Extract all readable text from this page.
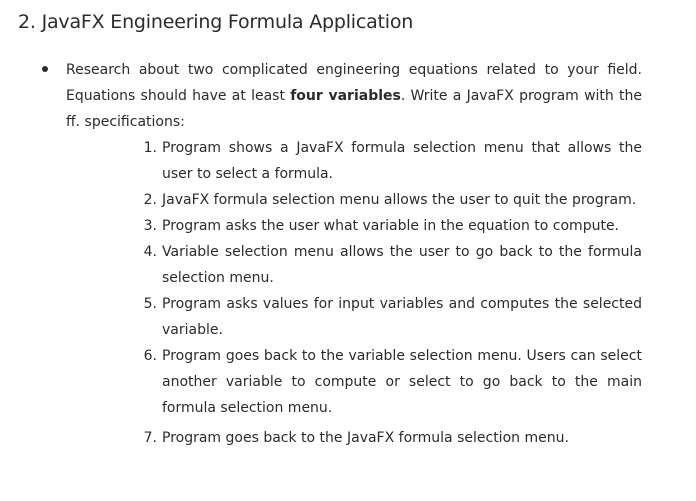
2. JavaFX Engineering Formula Application
Research about two complicated engineering equations related to your field. Equations should have at least four variables. Write a JavaFX program with the ff. specifications:
1. Program shows a JavaFX formula selection menu that allows the user to select a formula.
2. JavaFX formula selection menu allows the user to quit the program.
3. Program asks the user what variable in the equation to compute.
4. Variable selection menu allows the user to go back to the formula selection menu.
5. Program asks values for input variables and computes the selected variable.
6. Program goes back to the variable selection menu. Users can select another variable to compute or select to go back to the main formula selection menu.
7. Program goes back to the JavaFX formula selection menu.
